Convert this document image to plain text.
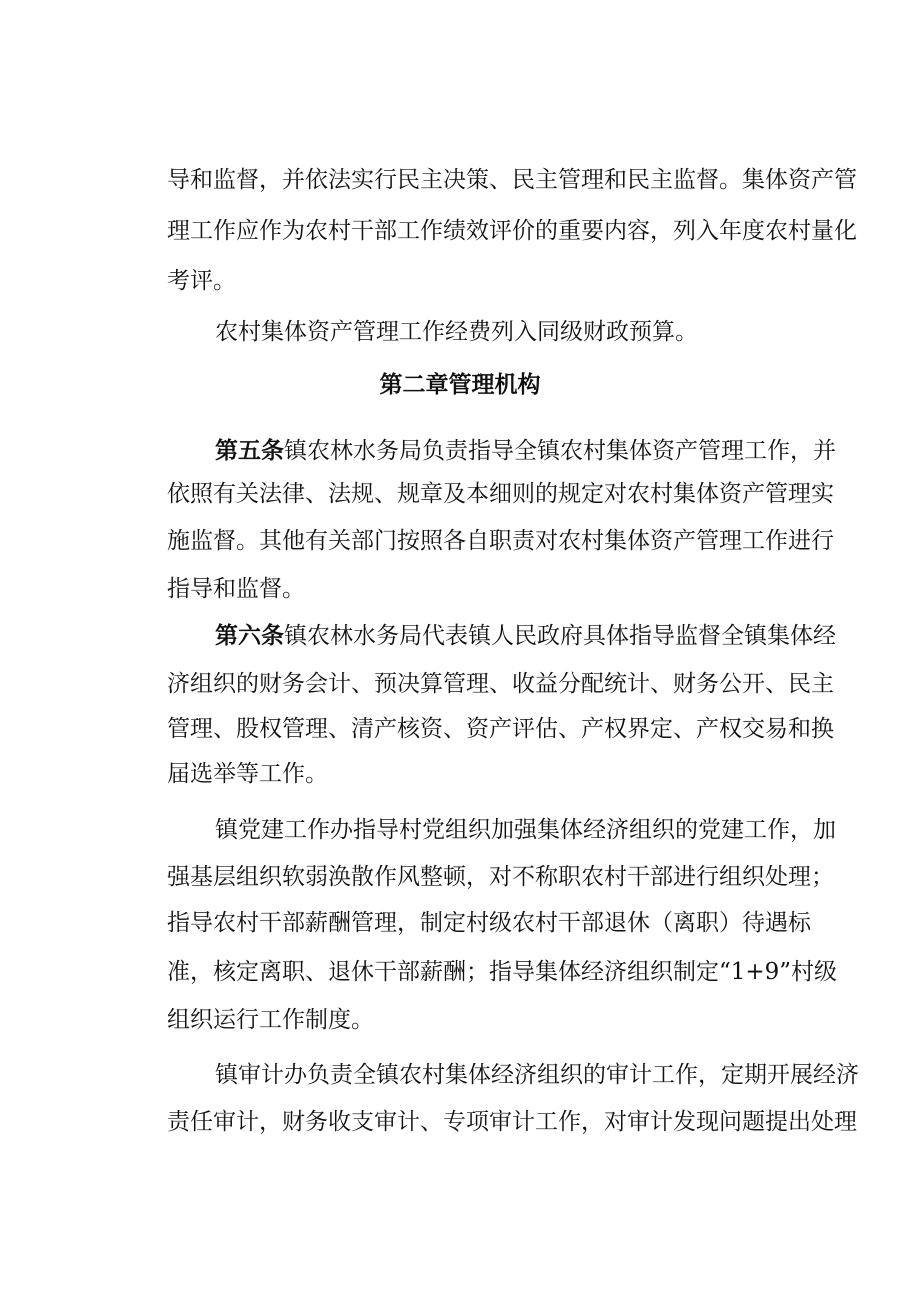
导和监督，并依法实行民主决策、民主管理和民主监督。集体资产管
理工作应作为农村干部工作绩效评价的重要内容，列入年度农村量化
考评。
农村集体资产管理工作经费列入同级财政预算。
第二章管理机构
第五条镇农林水务局负责指导全镇农村集体资产管理工作，并
依照有关法律、法规、规章及本细则的规定对农村集体资产管理实
施监督。其他有关部门按照各自职责对农村集体资产管理工作进行
指导和监督。
第六条镇农林水务局代表镇人民政府具体指导监督全镇集体经
济组织的财务会计、预决算管理、收益分配统计、财务公开、民主
管理、股权管理、清产核资、资产评估、产权界定、产权交易和换
届选举等工作。
镇党建工作办指导村党组织加强集体经济组织的党建工作，加
强基层组织软弱涣散作风整顿，对不称职农村干部进行组织处理；
指导农村干部薪酬管理，制定村级农村干部退休（离职）待遇标
准，核定离职、退休干部薪酬；指导集体经济组织制定“1+9”村级
组织运行工作制度。
镇审计办负责全镇农村集体经济组织的审计工作，定期开展经济
责任审计，财务收支审计、专项审计工作，对审计发现问题提出处理
